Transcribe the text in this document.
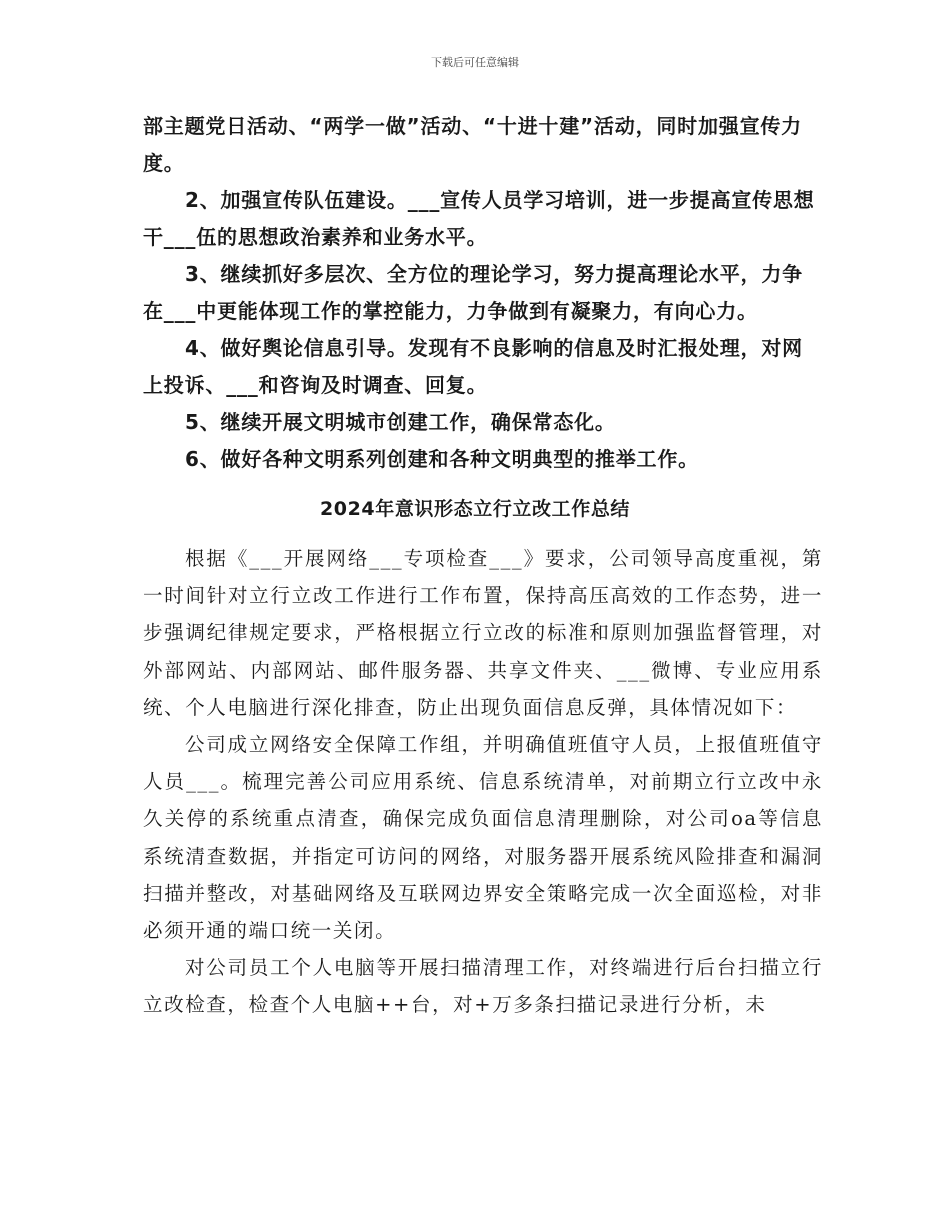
下载后可任意编辑

部主题党日活动、“两学一做”活动、“十进十建”活动，同时加强宣传力度。

2、加强宣传队伍建设。___宣传人员学习培训，进一步提高宣传思想干___伍的思想政治素养和业务水平。

3、继续抓好多层次、全方位的理论学习，努力提高理论水平，力争在___中更能体现工作的掌控能力，力争做到有凝聚力，有向心力。

4、做好舆论信息引导。发现有不良影响的信息及时汇报处理，对网上投诉、___和咨询及时调查、回复。

5、继续开展文明城市创建工作，确保常态化。

6、做好各种文明系列创建和各种文明典型的推举工作。

2024年意识形态立行立改工作总结

根据《___开展网络___专项检查___》要求，公司领导高度重视，第一时间针对立行立改工作进行工作布置，保持高压高效的工作态势，进一步强调纪律规定要求，严格根据立行立改的标准和原则加强监督管理，对外部网站、内部网站、邮件服务器、共享文件夹、___微博、专业应用系统、个人电脑进行深化排查，防止出现负面信息反弹，具体情况如下：

公司成立网络安全保障工作组，并明确值班值守人员，上报值班值守人员___。梳理完善公司应用系统、信息系统清单，对前期立行立改中永久关停的系统重点清查，确保完成负面信息清理删除，对公司oa等信息系统清查数据，并指定可访问的网络，对服务器开展系统风险排查和漏洞扫描并整改，对基础网络及互联网边界安全策略完成一次全面巡检，对非必须开通的端口统一关闭。

对公司员工个人电脑等开展扫描清理工作，对终端进行后台扫描立行立改检查，检查个人电脑++台，对+万多条扫描记录进行分析，未
